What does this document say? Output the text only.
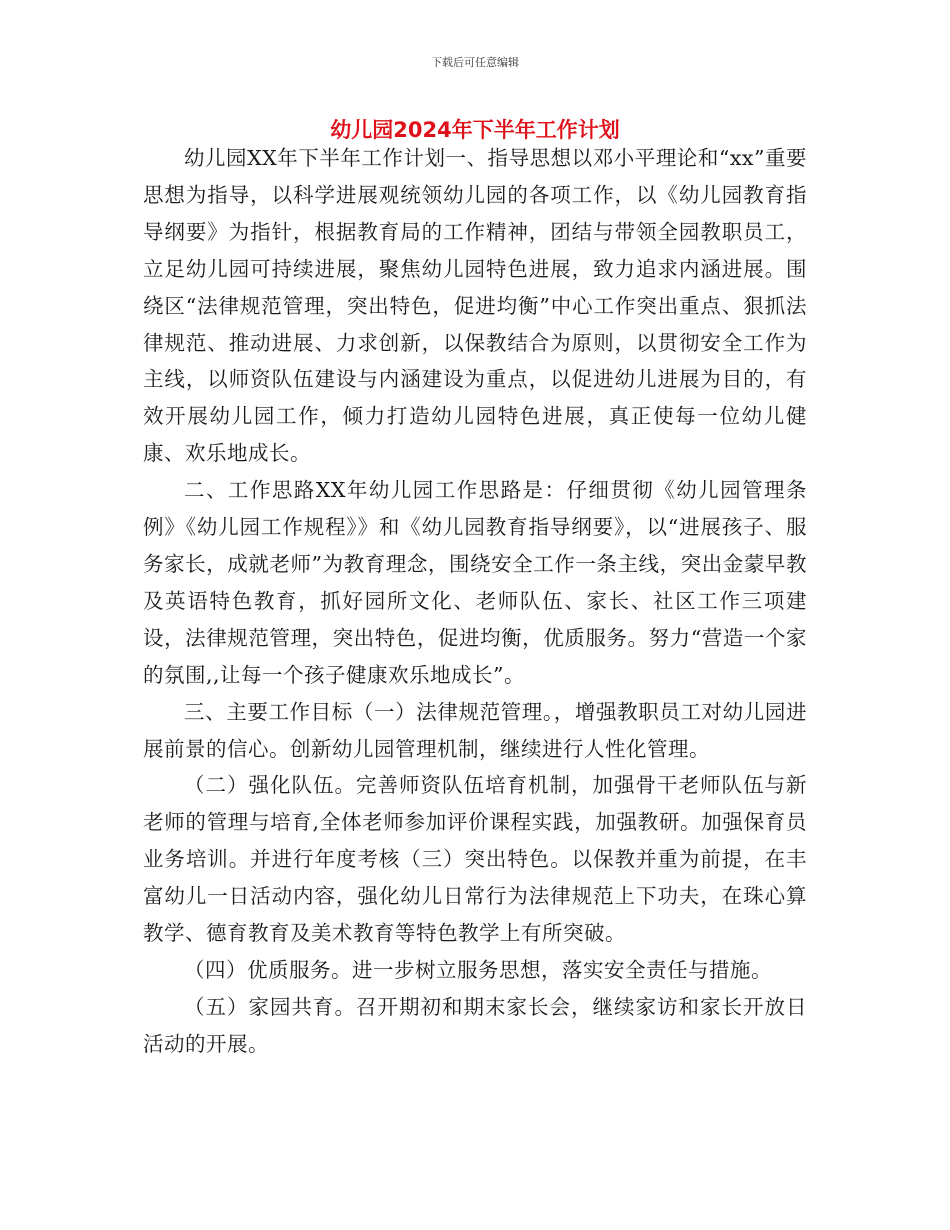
下载后可任意编辑
幼儿园2024年下半年工作计划

幼儿园XX年下半年工作计划一、指导思想以邓小平理论和“xx”重要思想为指导，以科学进展观统领幼儿园的各项工作，以《幼儿园教育指导纲要》为指针，根据教育局的工作精神，团结与带领全园教职员工，立足幼儿园可持续进展，聚焦幼儿园特色进展，致力追求内涵进展。围绕区“法律规范管理，突出特色，促进均衡”中心工作突出重点、狠抓法律规范、推动进展、力求创新，以保教结合为原则，以贯彻安全工作为主线，以师资队伍建设与内涵建设为重点，以促进幼儿进展为目的，有效开展幼儿园工作，倾力打造幼儿园特色进展，真正使每一位幼儿健康、欢乐地成长。

二、工作思路XX年幼儿园工作思路是：仔细贯彻《幼儿园管理条例》《幼儿园工作规程》》和《幼儿园教育指导纲要》，以“进展孩子、服务家长，成就老师”为教育理念，围绕安全工作一条主线，突出金蒙早教及英语特色教育，抓好园所文化、老师队伍、家长、社区工作三项建设，法律规范管理，突出特色，促进均衡，优质服务。努力“营造一个家的氛围,,让每一个孩子健康欢乐地成长”。

三、主要工作目标（一）法律规范管理。，增强教职员工对幼儿园进展前景的信心。创新幼儿园管理机制，继续进行人性化管理。

（二）强化队伍。完善师资队伍培育机制，加强骨干老师队伍与新老师的管理与培育,全体老师参加评价课程实践，加强教研。加强保育员业务培训。并进行年度考核（三）突出特色。以保教并重为前提，在丰富幼儿一日活动内容，强化幼儿日常行为法律规范上下功夫，在珠心算教学、德育教育及美术教育等特色教学上有所突破。

（四）优质服务。进一步树立服务思想，落实安全责任与措施。

（五）家园共育。召开期初和期末家长会，继续家访和家长开放日活动的开展。
